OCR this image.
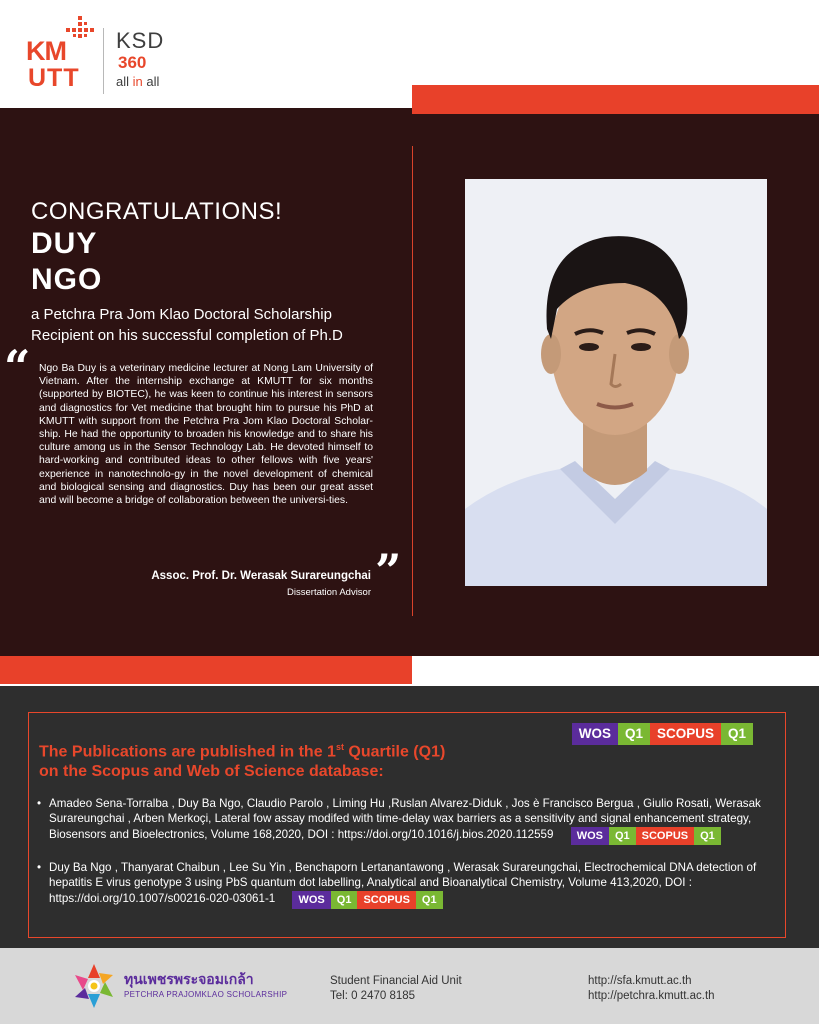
KM
UTT
KSD
360
all in all
CONGRATULATIONS!
DUY
NGO
a Petchra Pra Jom Klao Doctoral Scholarship
Recipient on his successful completion of Ph.D
“ Ngo Ba Duy is a veterinary medicine lecturer at Nong Lam University of Vietnam. After the internship exchange at KMUTT for six months (supported by BIOTEC), he was keen to continue his interest in sensors and diagnostics for Vet medicine that brought him to pursue his PhD at KMUTT with support from the Petchra Pra Jom Klao Doctoral Scholar-ship. He had the opportunity to broaden his knowledge and to share his culture among us in the Sensor Technology Lab. He devoted himself to hard-working and contributed ideas to other fellows with five years' experience in nanotechnolo-gy in the novel development of chemical and biological sensing and diagnostics. Duy has been our great asset and will become a bridge of collaboration between the universi-ties.

”
Assoc. Prof. Dr. Werasak Surareungchai
Dissertation Advisor
WOS	Q1	SCOPUS	Q1
The Publications are published in the 1st Quartile (Q1)
on the Scopus and Web of Science database:
• Amadeo Sena-Torralba , Duy Ba Ngo, Claudio Parolo , Liming Hu ,Ruslan Alvarez-Diduk , Jos è Francisco Bergua , Giulio Rosati, Werasak Surareungchai , Arben Merkoçi, Lateral fow assay modifed with time-delay wax barriers as a sensitivity and signal enhancement strategy, Biosensors and Bioelectronics, Volume 168,2020, DOI : https://doi.org/10.1016/j.bios.2020.112559	WOS	Q1	SCOPUS	Q1
• Duy Ba Ngo , Thanyarat Chaibun , Lee Su Yin , Benchaporn Lertanantawong , Werasak Surareungchai, Electrochemical DNA detection of hepatitis E virus genotype 3 using PbS quantum dot labelling, Analytical and Bioanalytical Chemistry, Volume 413,2020, DOI : https://doi.org/10.1007/s00216-020-03061-1	WOS	Q1	SCOPUS	Q1
ทุนเพชรพระจอมเกล้า
PETCHRA PRAJOMKLAO SCHOLARSHIP
Student Financial Aid Unit
Tel: 0 2470 8185
http://sfa.kmutt.ac.th
http://petchra.kmutt.ac.th
